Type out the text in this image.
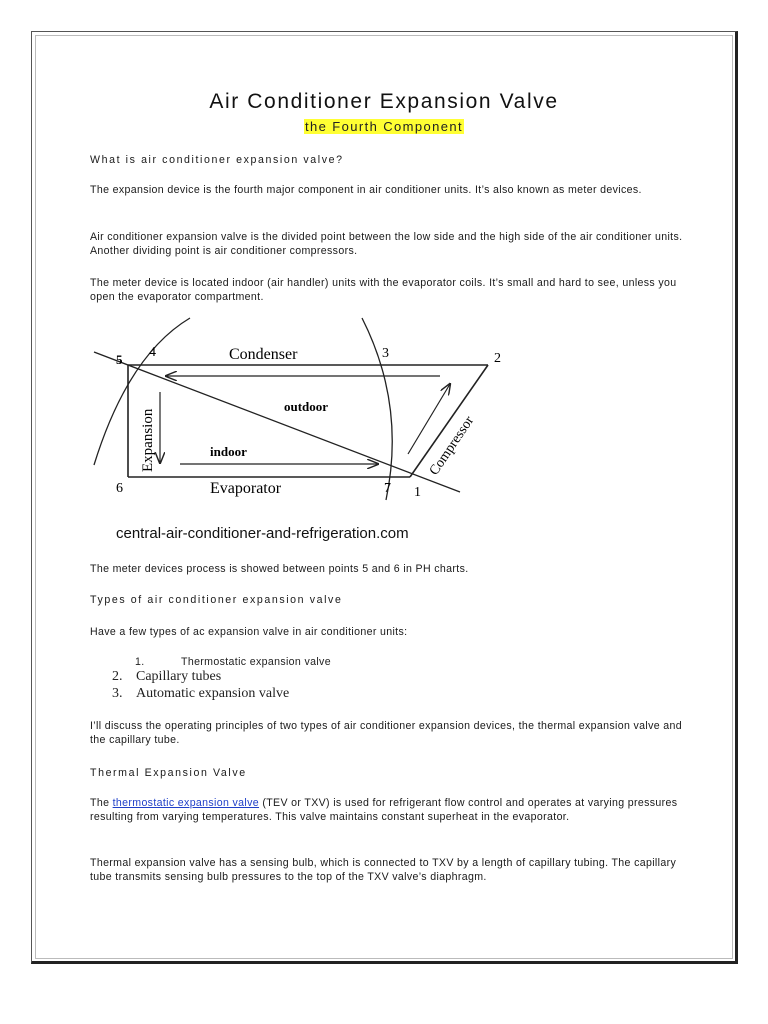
Air Conditioner Expansion Valve
the Fourth Component
What is air conditioner expansion valve?
The expansion device is the fourth major component in air conditioner units. It’s also known as meter devices.
Air conditioner expansion valve is the divided point between the low side and the high side of the air conditioner units. Another dividing point is air conditioner compressors.
The meter device is located indoor (air handler) units with the evaporator coils. It’s small and hard to see, unless you open the evaporator compartment.
Condenser
Evaporator
Expansion	Compressor
outdoor
indoor
1
2
3
4
5
6	7
central-air-conditioner-and-refrigeration.com
The meter devices process is showed between points 5 and 6 in PH charts.
Types of air conditioner expansion valve
Have a few types of ac expansion valve in air conditioner units:
1.	Thermostatic expansion valve
2. Capillary tubes
3. Automatic expansion valve
I’ll discuss the operating principles of two types of air conditioner expansion devices, the thermal expansion valve and the capillary tube.
Thermal Expansion Valve
The thermostatic expansion valve (TEV or TXV) is used for refrigerant flow control and operates at varying pressures resulting from varying temperatures. This valve maintains constant superheat in the evaporator.
Thermal expansion valve has a sensing bulb, which is connected to TXV by a length of capillary tubing. The capillary tube transmits sensing bulb pressures to the top of the TXV valve’s diaphragm.
